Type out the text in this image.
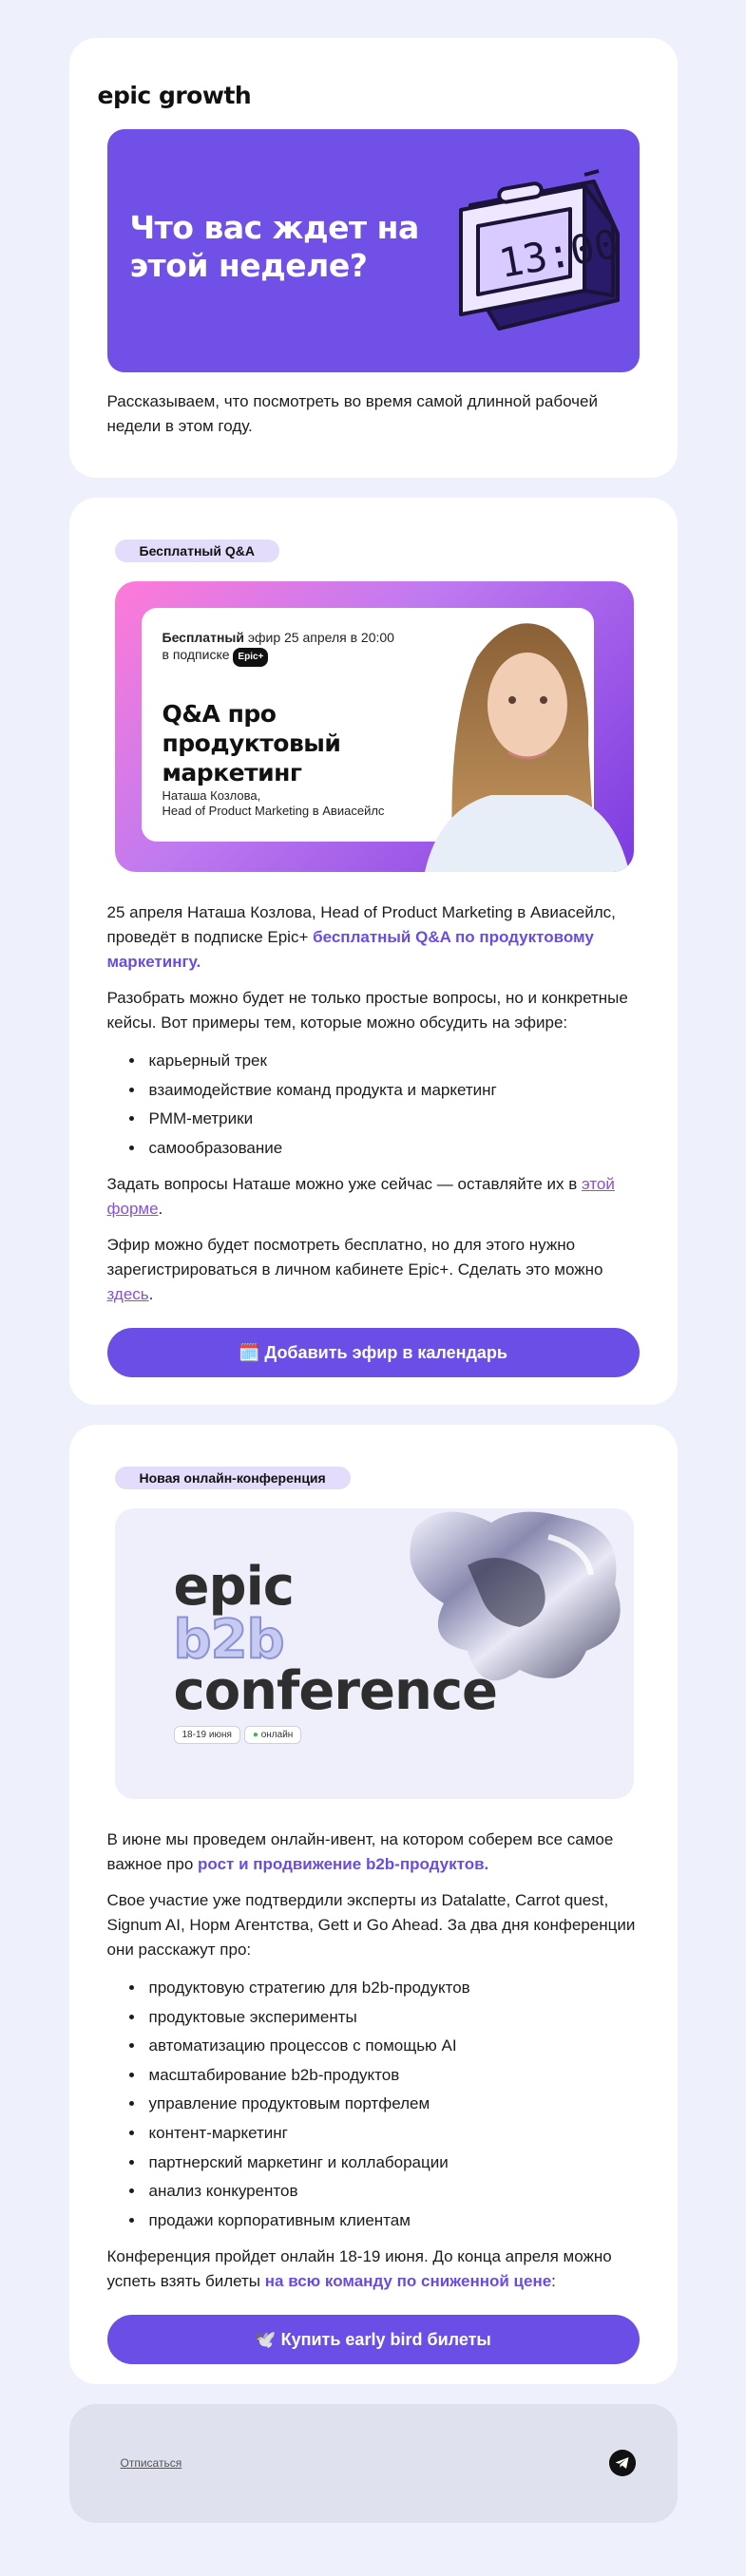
epic growth
Что вас ждет на этой неделе?	13:00

Рассказываем, что посмотреть во время самой длинной рабочей недели в этом году.

Бесплатный Q&A
Бесплатный эфир 25 апреля в 20:00
в подписке Epic+
Q&A про продуктовый маркетинг
Наташа Козлова,
Head of Product Marketing в Авиасейлс

25 апреля Наташа Козлова, Head of Product Marketing в Авиасейлс, проведёт в подписке Epic+ бесплатный Q&A по продуктовому маркетингу.

Разобрать можно будет не только простые вопросы, но и конкретные кейсы. Вот примеры тем, которые можно обсудить на эфире:

• карьерный трек
• взаимодействие команд продукта и маркетинг
• PMM-метрики
• самообразование

Задать вопросы Наташе можно уже сейчас — оставляйте их в этой форме.

Эфир можно будет посмотреть бесплатно, но для этого нужно зарегистрироваться в личном кабинете Epic+. Сделать это можно здесь.

🗓️ Добавить эфир в календарь
Новая онлайн-конференция
epic
b2b
conference
18-19 июня ● онлайн

В июне мы проведем онлайн-ивент, на котором соберем все самое важное про рост и продвижение b2b-продуктов.

Свое участие уже подтвердили эксперты из Datalatte, Carrot quest, Signum AI, Норм Агентства, Gett и Go Ahead. За два дня конференции они расскажут про:

• продуктовую стратегию для b2b-продуктов
• продуктовые эксперименты
• автоматизацию процессов с помощью AI
• масштабирование b2b-продуктов
• управление продуктовым портфелем
• контент-маркетинг
• партнерский маркетинг и коллаборации
• анализ конкурентов
• продажи корпоративным клиентам

Конференция пройдет онлайн 18-19 июня. До конца апреля можно успеть взять билеты на всю команду по сниженной цене:

🕊️ Купить early bird билеты
Отписаться
